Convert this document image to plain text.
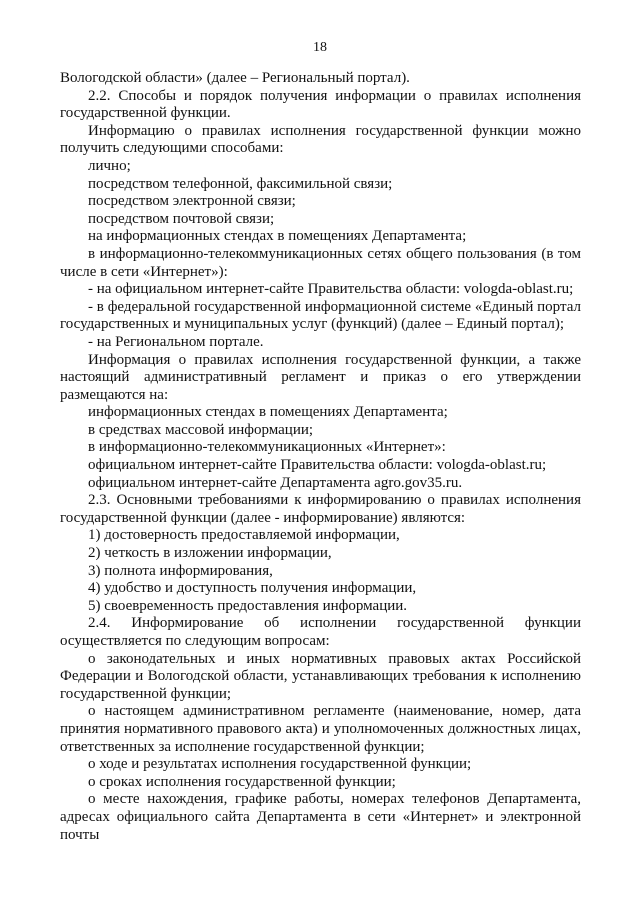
18

Вологодской области» (далее – Региональный портал).

2.2. Способы и порядок получения информации о правилах исполнения государственной функции.

Информацию о правилах исполнения государственной функции можно получить следующими способами:

лично;

посредством телефонной, факсимильной связи;

посредством электронной связи;

посредством почтовой связи;

на информационных стендах в помещениях Департамента;

в информационно-телекоммуникационных сетях общего пользования (в том числе в сети «Интернет»):

- на официальном интернет-сайте Правительства области: vologda-oblast.ru;

- в федеральной государственной информационной системе «Единый портал государственных и муниципальных услуг (функций) (далее – Единый портал);

- на Региональном портале.

Информация о правилах исполнения государственной функции, а также настоящий административный регламент и приказ о его утверждении размещаются на:

информационных стендах в помещениях Департамента;

в средствах массовой информации;

в информационно-телекоммуникационных «Интернет»:

официальном интернет-сайте Правительства области: vologda-oblast.ru;

официальном интернет-сайте Департамента agro.gov35.ru.

2.3. Основными требованиями к информированию о правилах исполнения государственной функции (далее - информирование) являются:

1) достоверность предоставляемой информации,

2) четкость в изложении информации,

3) полнота информирования,

4) удобство и доступность получения информации,

5) своевременность предоставления информации.

2.4. Информирование об исполнении государственной функции осуществляется по следующим вопросам:

о законодательных и иных нормативных правовых актах Российской Федерации и Вологодской области, устанавливающих требования к исполнению государственной функции;

о настоящем административном регламенте (наименование, номер, дата принятия нормативного правового акта) и уполномоченных должностных лицах, ответственных за исполнение государственной функции;

о ходе и результатах исполнения государственной функции;

о сроках исполнения государственной функции;

о месте нахождения, графике работы, номерах телефонов Департамента, адресах официального сайта Департамента в сети «Интернет» и электронной почты
